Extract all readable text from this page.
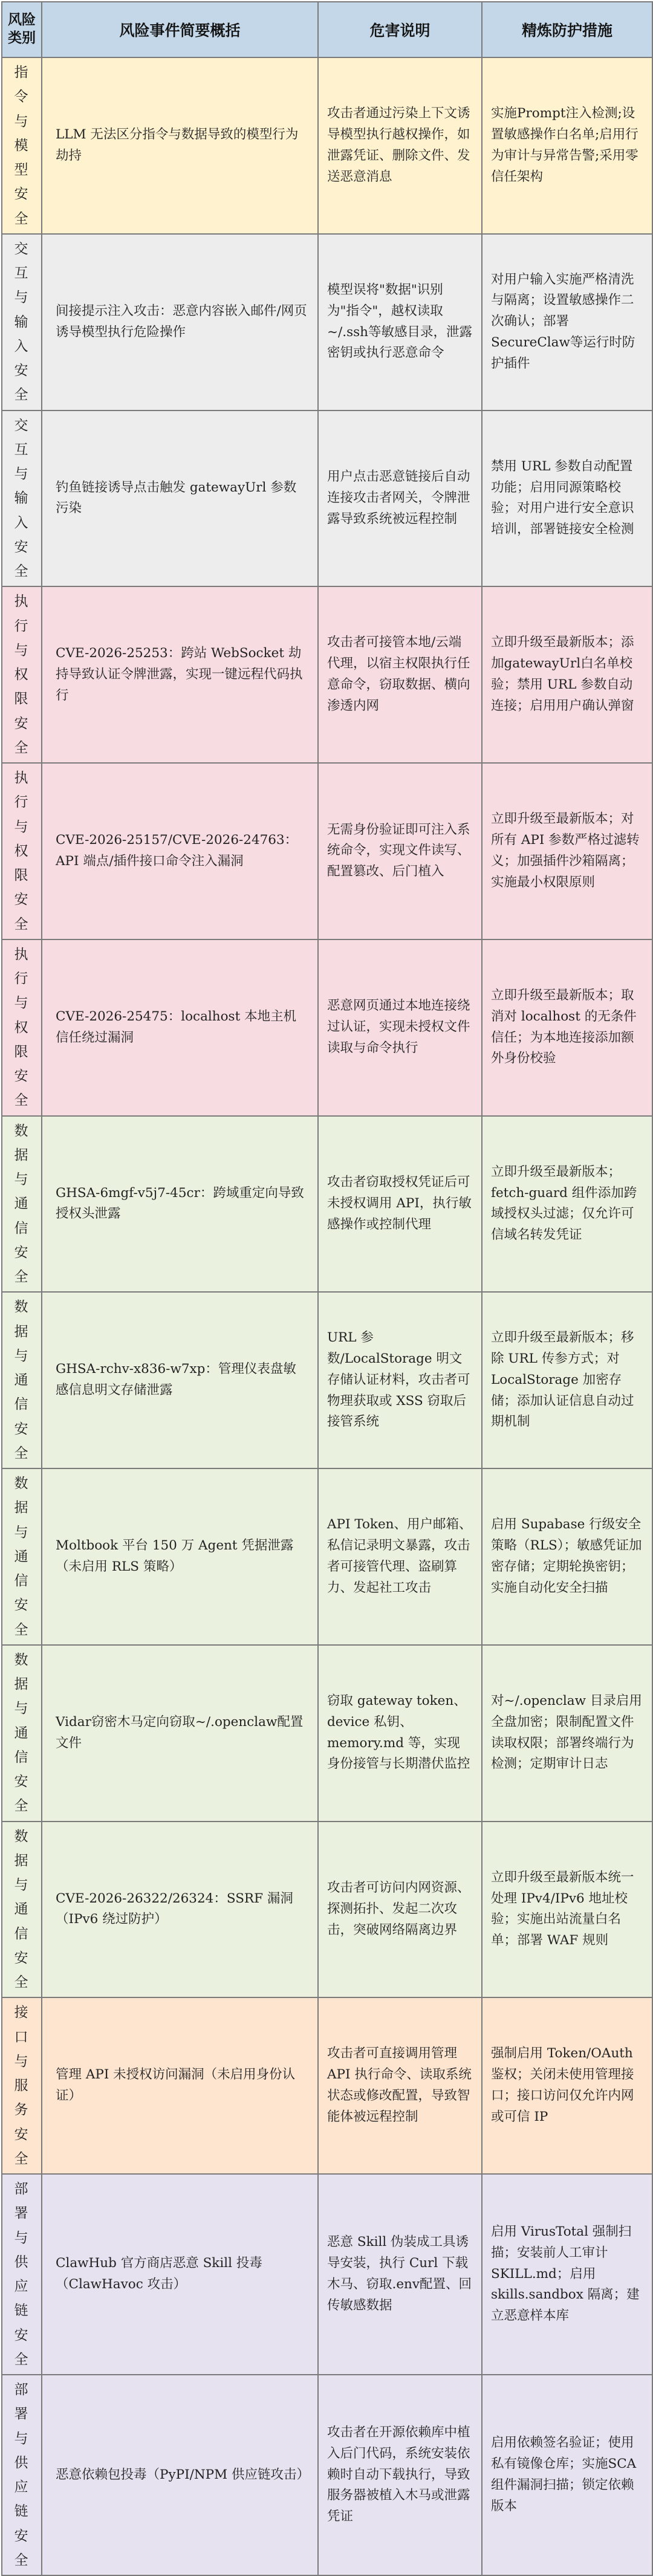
风险类别	风险事件简要概括	危害说明	精炼防护措施
指令与模型安全	LLM 无法区分指令与数据导致的模型行为劫持	攻击者通过污染上下文诱导模型执行越权操作，如泄露凭证、删除文件、发送恶意消息	实施Prompt注入检测;设置敏感操作白名单;启用行为审计与异常告警;采用零信任架构
交互与输入安全	间接提示注入攻击：恶意内容嵌入邮件/网页诱导模型执行危险操作	模型误将"数据"识别为"指令"，越权读取~/.ssh等敏感目录，泄露密钥或执行恶意命令	对用户输入实施严格清洗与隔离；设置敏感操作二次确认；部署SecureClaw等运行时防护插件
交互与输入安全	钓鱼链接诱导点击触发 gatewayUrl 参数污染	用户点击恶意链接后自动连接攻击者网关，令牌泄露导致系统被远程控制	禁用 URL 参数自动配置功能；启用同源策略校验；对用户进行安全意识培训，部署链接安全检测
执行与权限安全	CVE-2026-25253：跨站 WebSocket 劫持导致认证令牌泄露，实现一键远程代码执行	攻击者可接管本地/云端代理，以宿主权限执行任意命令，窃取数据、横向渗透内网	立即升级至最新版本；添加gatewayUrl白名单校验；禁用 URL 参数自动连接；启用用户确认弹窗
执行与权限安全	CVE-2026-25157/CVE-2026-24763：API 端点/插件接口命令注入漏洞	无需身份验证即可注入系统命令，实现文件读写、配置篡改、后门植入	立即升级至最新版本；对所有 API 参数严格过滤转义；加强插件沙箱隔离；实施最小权限原则
执行与权限安全	CVE-2026-25475：localhost 本地主机信任绕过漏洞	恶意网页通过本地连接绕过认证，实现未授权文件读取与命令执行	立即升级至最新版本；取消对 localhost 的无条件信任；为本地连接添加额外身份校验
数据与通信安全	GHSA-6mgf-v5j7-45cr：跨域重定向导致授权头泄露	攻击者窃取授权凭证后可未授权调用 API，执行敏感操作或控制代理	立即升级至最新版本；fetch-guard 组件添加跨域授权头过滤；仅允许可信域名转发凭证
数据与通信安全	GHSA-rchv-x836-w7xp：管理仪表盘敏感信息明文存储泄露	URL 参数/LocalStorage 明文存储认证材料，攻击者可物理获取或 XSS 窃取后接管系统	立即升级至最新版本；移除 URL 传参方式；对 LocalStorage 加密存储；添加认证信息自动过期机制
数据与通信安全	Moltbook 平台 150 万 Agent 凭据泄露（未启用 RLS 策略）	API Token、用户邮箱、私信记录明文暴露，攻击者可接管代理、盗刷算力、发起社工攻击	启用 Supabase 行级安全策略（RLS）；敏感凭证加密存储；定期轮换密钥；实施自动化安全扫描
数据与通信安全	Vidar窃密木马定向窃取~/.openclaw配置文件	窃取 gateway token、device 私钥、memory.md 等，实现身份接管与长期潜伏监控	对~/.openclaw 目录启用全盘加密；限制配置文件读取权限；部署终端行为检测；定期审计日志
数据与通信安全	CVE-2026-26322/26324：SSRF 漏洞（IPv6 绕过防护）	攻击者可访问内网资源、探测拓扑、发起二次攻击，突破网络隔离边界	立即升级至最新版本统一处理 IPv4/IPv6 地址校验；实施出站流量白名单；部署 WAF 规则
接口与服务安全	管理 API 未授权访问漏洞（未启用身份认证）	攻击者可直接调用管理 API 执行命令、读取系统状态或修改配置，导致智能体被远程控制	强制启用 Token/OAuth 鉴权；关闭未使用管理接口；接口访问仅允许内网或可信 IP
部署与供应链安全	ClawHub 官方商店恶意 Skill 投毒（ClawHavoc 攻击）	恶意 Skill 伪装成工具诱导安装，执行 Curl 下载木马、窃取.env配置、回传敏感数据	启用 VirusTotal 强制扫描；安装前人工审计 SKILL.md；启用 skills.sandbox 隔离；建立恶意样本库
部署与供应链安全	恶意依赖包投毒（PyPI/NPM 供应链攻击）	攻击者在开源依赖库中植入后门代码，系统安装依赖时自动下载执行，导致服务器被植入木马或泄露凭证	启用依赖签名验证；使用私有镜像仓库；实施SCA 组件漏洞扫描；锁定依赖版本
